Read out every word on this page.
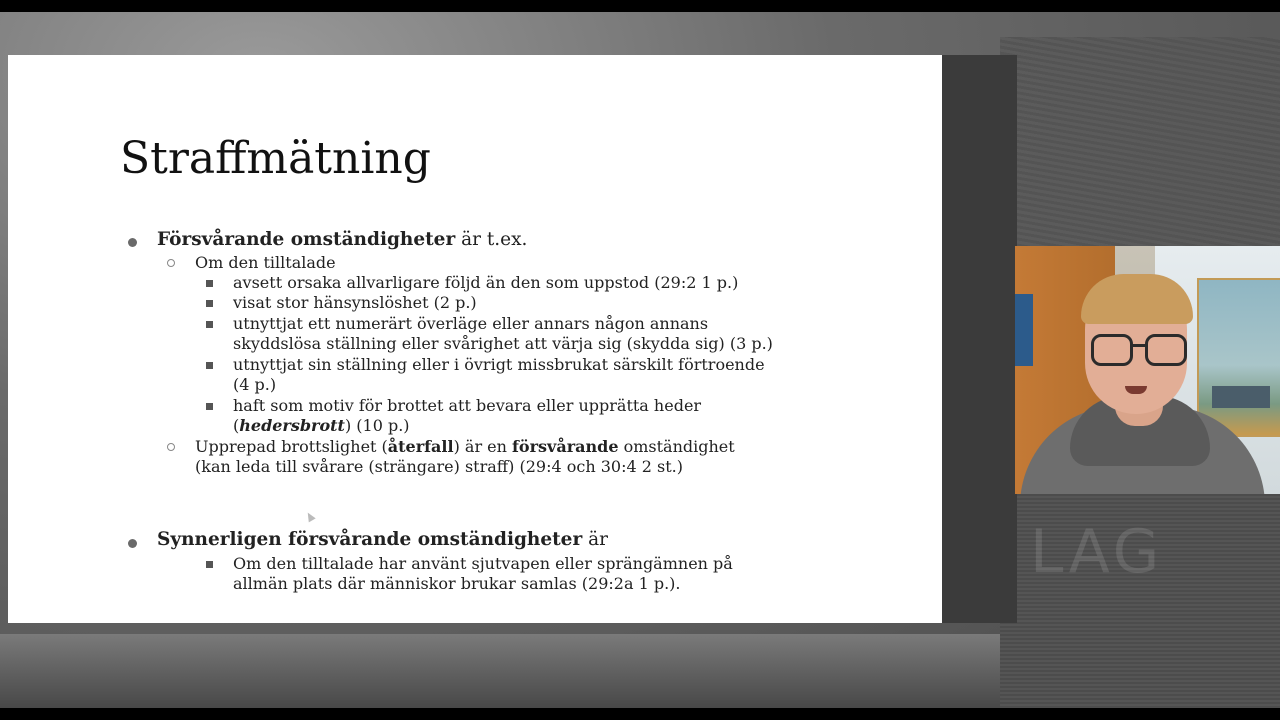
LAG
Straffmätning
Försvårande omständigheter är t.ex.
Om den tilltalade
avsett orsaka allvarligare följd än den som uppstod (29:2 1 p.)
visat stor hänsynslöshet (2 p.)
utnyttjat ett numerärt överläge eller annars någon annans
skyddslösa ställning eller svårighet att värja sig (skydda sig) (3 p.)
utnyttjat sin ställning eller i övrigt missbrukat särskilt förtroende
(4 p.)
haft som motiv för brottet att bevara eller upprätta heder
(hedersbrott) (10 p.)
Upprepad brottslighet (återfall) är en försvårande omständighet
(kan leda till svårare (strängare) straff) (29:4 och 30:4 2 st.)
Synnerligen försvårande omständigheter är
Om den tilltalade har använt sjutvapen eller sprängämnen på
allmän plats där människor brukar samlas (29:2a 1 p.).
